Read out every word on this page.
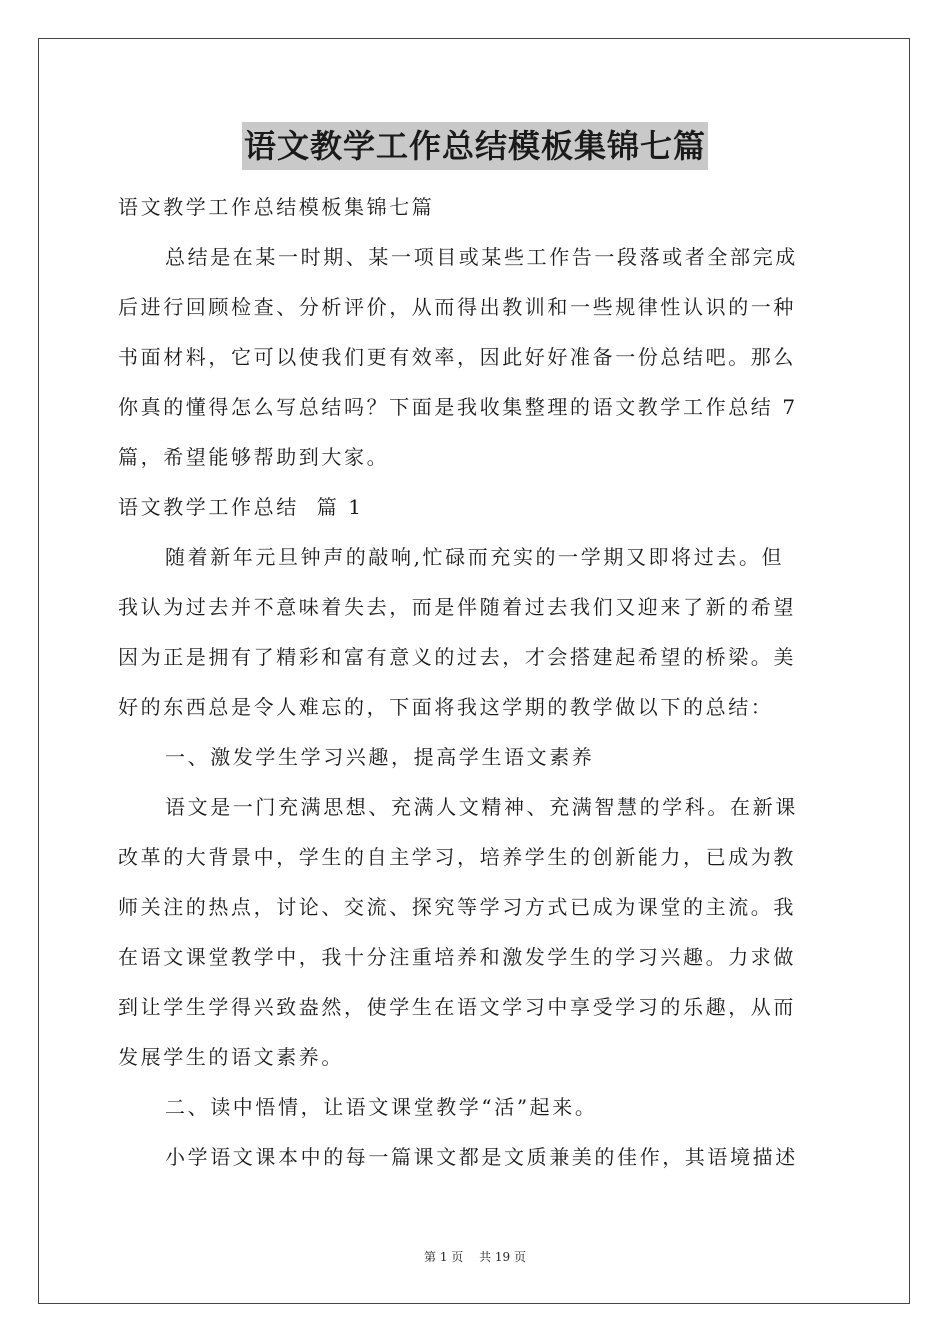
语文教学工作总结模板集锦七篇

语文教学工作总结模板集锦七篇

总结是在某一时期、某一项目或某些工作告一段落或者全部完成

后进行回顾检查、分析评价，从而得出教训和一些规律性认识的一种

书面材料，它可以使我们更有效率，因此好好准备一份总结吧。那么

你真的懂得怎么写总结吗？下面是我收集整理的语文教学工作总结 7

篇，希望能够帮助到大家。

语文教学工作总结  篇 1

随着新年元旦钟声的敲响,忙碌而充实的一学期又即将过去。但

我认为过去并不意味着失去，而是伴随着过去我们又迎来了新的希望

因为正是拥有了精彩和富有意义的过去，才会搭建起希望的桥梁。美

好的东西总是令人难忘的，下面将我这学期的教学做以下的总结：

一、激发学生学习兴趣，提高学生语文素养

语文是一门充满思想、充满人文精神、充满智慧的学科。在新课

改革的大背景中，学生的自主学习，培养学生的创新能力，已成为教

师关注的热点，讨论、交流、探究等学习方式已成为课堂的主流。我

在语文课堂教学中，我十分注重培养和激发学生的学习兴趣。力求做

到让学生学得兴致盎然，使学生在语文学习中享受学习的乐趣，从而

发展学生的语文素养。

二、读中悟情，让语文课堂教学“活”起来。

小学语文课本中的每一篇课文都是文质兼美的佳作，其语境描述

第 1 页 共 19 页
